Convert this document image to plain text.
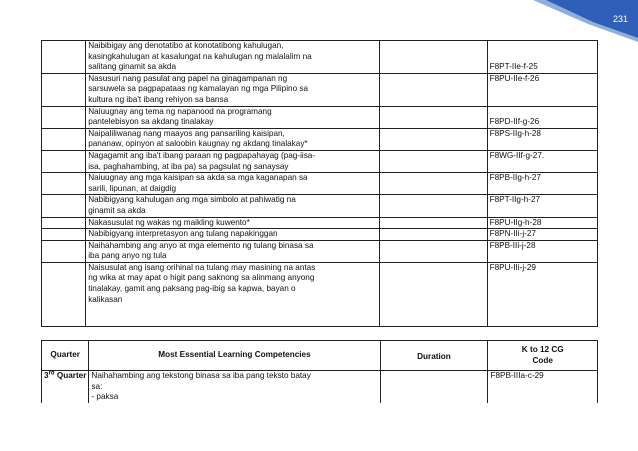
231
	Naibibigay ang denotatibo at konotatibong kahulugan,
kasingkahulugan at kasalungat na kahulugan ng malalalim na
salitang ginamit sa akda		F8PT-IIe-f-25
	Nasusuri nang pasulat ang papel na ginagampanan ng
sarsuwela sa pagpapataas ng kamalayan ng mga Pilipino sa
kultura ng iba't ibang rehiyon sa bansa		F8PU-IIe-f-26
	Naiuugnay ang tema ng napanood na programang
pantelebisyon sa akdang tinalakay		F8PD-IIf-g-26
	Naipaliliwanag nang maayos ang pansariling kaisipan,
pananaw, opinyon at saloobin kaugnay ng akdang tinalakay*		F8PS-IIg-h-28
	Nagagamit ang iba't ibang paraan ng pagpapahayag (pag-iisa-
isa, paghahambing, at iba pa) sa pagsulat ng sanaysay		F8WG-IIf-g-27.
	Naiuugnay ang mga kaisipan sa akda sa mga kaganapan sa
sarili, lipunan, at daigdig		F8PB-IIg-h-27
	Nabibigyang kahulugan ang mga simbolo at pahiwatig na
ginamit sa akda		F8PT-IIg-h-27
	Nakasusulat ng wakas ng maikling kuwento*		F8PU-IIg-h-28
	Nabibigyang interpretasyon ang tulang napakinggan		F8PN-IIi-j-27
	Naihahambing ang anyo at mga elemento ng tulang binasa sa
iba pang anyo ng tula		F8PB-IIi-j-28
	Naisusulat ang isang orihinal na tulang may masining na antas
ng wika at may apat o higit pang saknong sa alinmang anyong
tinalakay, gamit ang paksang pag-ibig sa kapwa, bayan o
kalikasan		F8PU-IIi-j-29
Quarter	Most Essential Learning Competencies	Duration	K to 12 CG
Code
3rd Quarter	Naihahambing ang tekstong binasa sa iba pang teksto batay
sa:
- paksa		F8PB-IIIa-c-29
